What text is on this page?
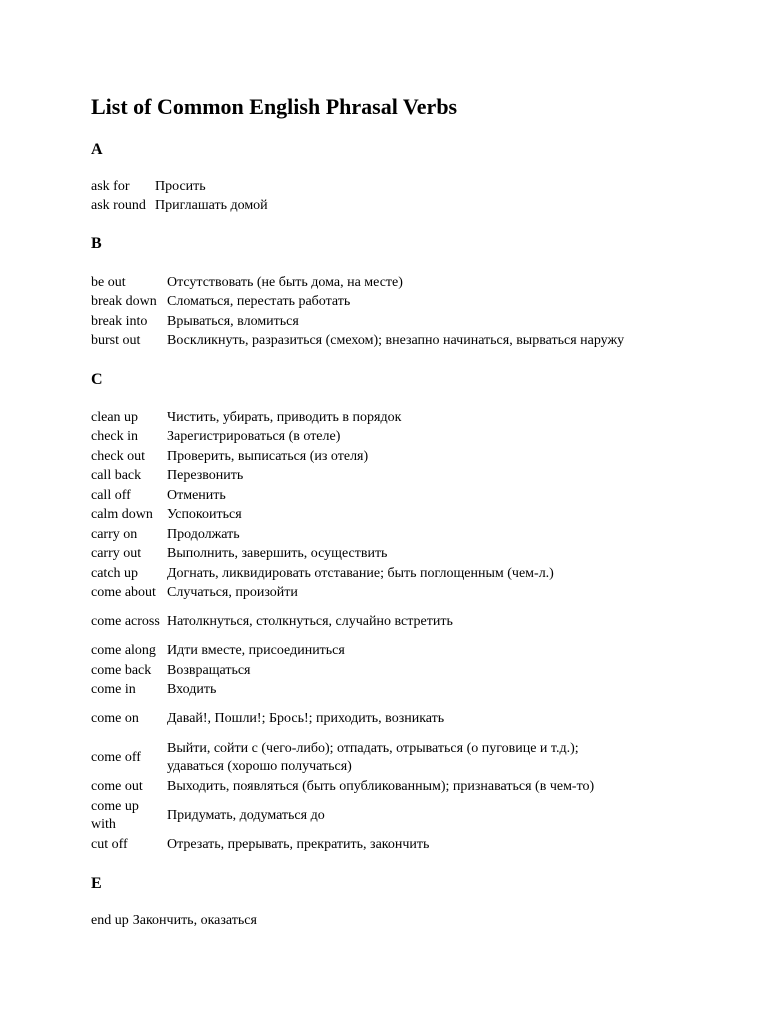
List of Common English Phrasal Verbs
A
ask for	Просить
ask round	Приглашать домой
B
be out	Отсутствовать (не быть дома, на месте)
break down	Сломаться, перестать работать
break into	Врываться, вломиться
burst out	Воскликнуть, разразиться (смехом); внезапно начинаться, вырваться наружу
C
clean up	Чистить, убирать, приводить в порядок
check in	Зарегистрироваться (в отеле)
check out	Проверить, выписаться (из отеля)
call back	Перезвонить
call off	Отменить
calm down	Успокоиться
carry on	Продолжать
carry out	Выполнить, завершить, осуществить
catch up	Догнать, ликвидировать отставание; быть поглощенным (чем-л.)
come about	Случаться, произойти
come across	Натолкнуться, столкнуться, случайно встретить
come along	Идти вместе, присоединиться
come back	Возвращаться
come in	Входить
come on	Давай!, Пошли!; Брось!; приходить, возникать
come off	Выйти, сойти с (чего-либо); отпадать, отрываться (о пуговице и т.д.); удаваться (хорошо получаться)
come out	Выходить, появляться (быть опубликованным); признаваться (в чем-то)
come up with	Придумать, додуматься до
cut off	Отрезать, прерывать, прекратить, закончить
E
end up	Закончить, оказаться
